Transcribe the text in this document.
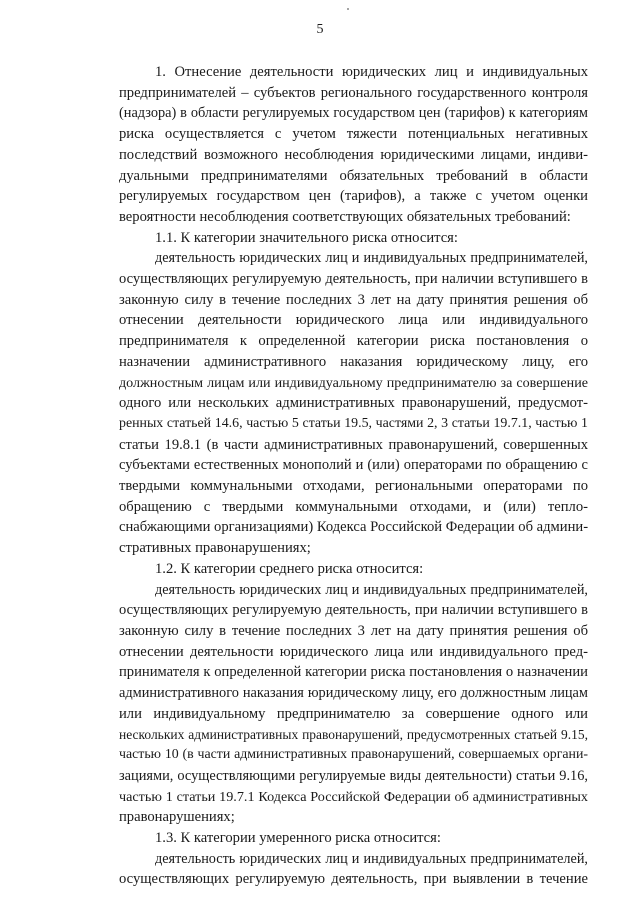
5
1. Отнесение деятельности юридических лиц и индивидуальных
предпринимателей – субъектов регионального государственного контроля
(надзора) в области регулируемых государством цен (тарифов) к категориям
риска осуществляется с учетом тяжести потенциальных негативных
последствий возможного несоблюдения юридическими лицами, индиви-
дуальными предпринимателями обязательных требований в области
регулируемых государством цен (тарифов), а также с учетом оценки
вероятности несоблюдения соответствующих обязательных требований:
1.1. К категории значительного риска относится:
деятельность юридических лиц и индивидуальных предпринимателей,
осуществляющих регулируемую деятельность, при наличии вступившего в
законную силу в течение последних 3 лет на дату принятия решения об
отнесении деятельности юридического лица или индивидуального
предпринимателя к определенной категории риска постановления о
назначении административного наказания юридическому лицу, его
должностным лицам или индивидуальному предпринимателю за совершение
одного или нескольких административных правонарушений, предусмот-
ренных статьей 14.6, частью 5 статьи 19.5, частями 2, 3 статьи 19.7.1, частью 1
статьи 19.8.1 (в части административных правонарушений, совершенных
субъектами естественных монополий и (или) операторами по обращению с
твердыми коммунальными отходами, региональными операторами по
обращению с твердыми коммунальными отходами, и (или) тепло-
снабжающими организациями) Кодекса Российской Федерации об админи-
стративных правонарушениях;
1.2. К категории среднего риска относится:
деятельность юридических лиц и индивидуальных предпринимателей,
осуществляющих регулируемую деятельность, при наличии вступившего в
законную силу в течение последних 3 лет на дату принятия решения об
отнесении деятельности юридического лица или индивидуального пред-
принимателя к определенной категории риска постановления о назначении
административного наказания юридическому лицу, его должностным лицам
или индивидуальному предпринимателю за совершение одного или
нескольких административных правонарушений, предусмотренных статьей 9.15,
частью 10 (в части административных правонарушений, совершаемых органи-
зациями, осуществляющими регулируемые виды деятельности) статьи 9.16,
частью 1 статьи 19.7.1 Кодекса Российской Федерации об административных
правонарушениях;
1.3. К категории умеренного риска относится:
деятельность юридических лиц и индивидуальных предпринимателей,
осуществляющих регулируемую деятельность, при выявлении в течение
